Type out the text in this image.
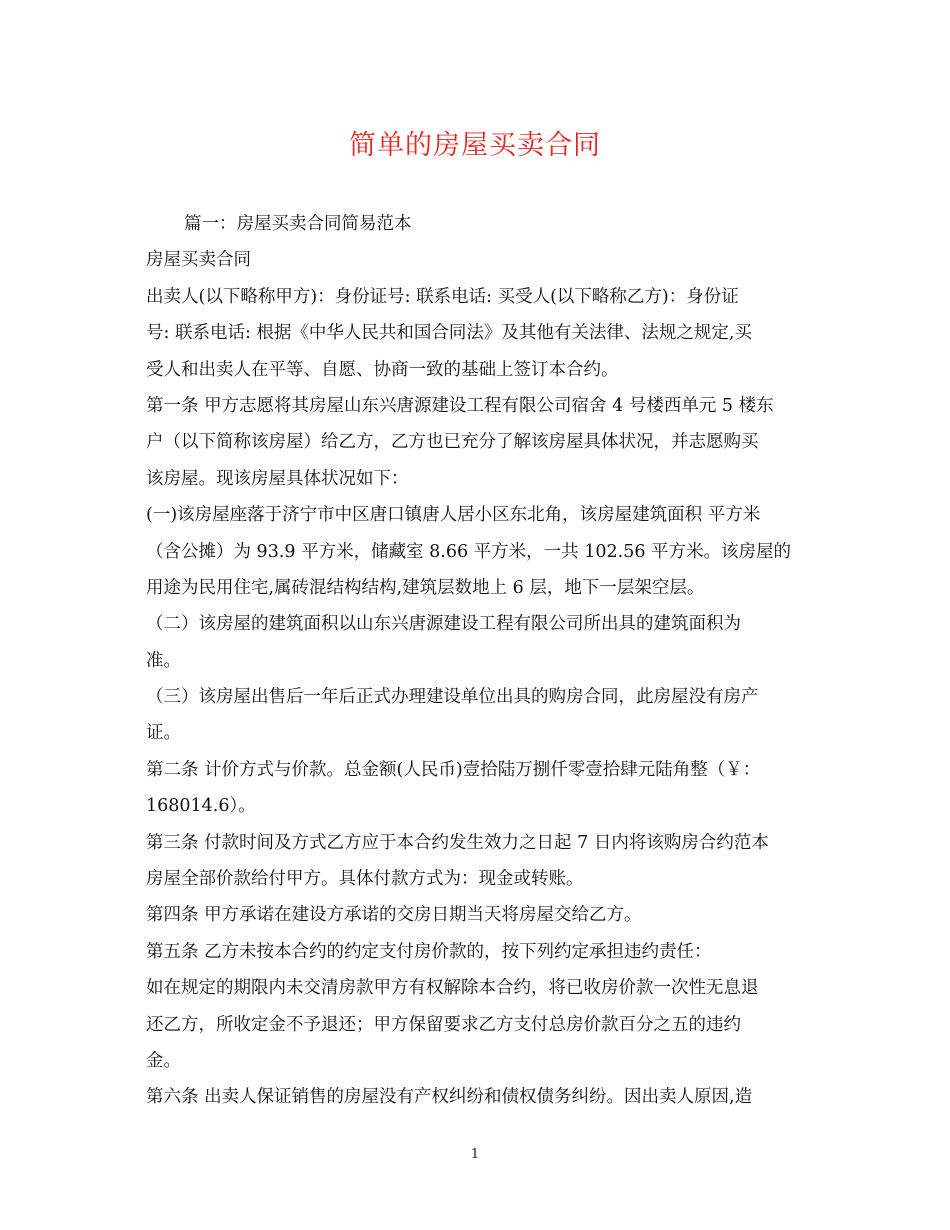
简单的房屋买卖合同

篇一：房屋买卖合同简易范本

房屋买卖合同

出卖人(以下略称甲方)：身份证号: 联系电话: 买受人(以下略称乙方)：身份证

号: 联系电话: 根据《中华人民共和国合同法》及其他有关法律、法规之规定,买

受人和出卖人在平等、自愿、协商一致的基础上签订本合约。

第一条 甲方志愿将其房屋山东兴唐源建设工程有限公司宿舍 4 号楼西单元 5 楼东

户（以下简称该房屋）给乙方，乙方也已充分了解该房屋具体状况，并志愿购买

该房屋。现该房屋具体状况如下：

(一)该房屋座落于济宁市中区唐口镇唐人居小区东北角，该房屋建筑面积 平方米

（含公摊）为 93.9 平方米，储藏室 8.66 平方米，一共 102.56 平方米。该房屋的

用途为民用住宅,属砖混结构结构,建筑层数地上 6 层，地下一层架空层。

（二）该房屋的建筑面积以山东兴唐源建设工程有限公司所出具的建筑面积为

准。

（三）该房屋出售后一年后正式办理建设单位出具的购房合同，此房屋没有房产

证。

第二条 计价方式与价款。总金额(人民币)壹拾陆万捌仟零壹拾肆元陆角整（￥：

168014.6）。

第三条 付款时间及方式乙方应于本合约发生效力之日起 7 日内将该购房合约范本

房屋全部价款给付甲方。具体付款方式为：现金或转账。

第四条 甲方承诺在建设方承诺的交房日期当天将房屋交给乙方。

第五条 乙方未按本合约的约定支付房价款的，按下列约定承担违约责任：

如在规定的期限内未交清房款甲方有权解除本合约，将已收房价款一次性无息退

还乙方，所收定金不予退还；甲方保留要求乙方支付总房价款百分之五的违约

金。

第六条 出卖人保证销售的房屋没有产权纠纷和债权债务纠纷。因出卖人原因,造

1
